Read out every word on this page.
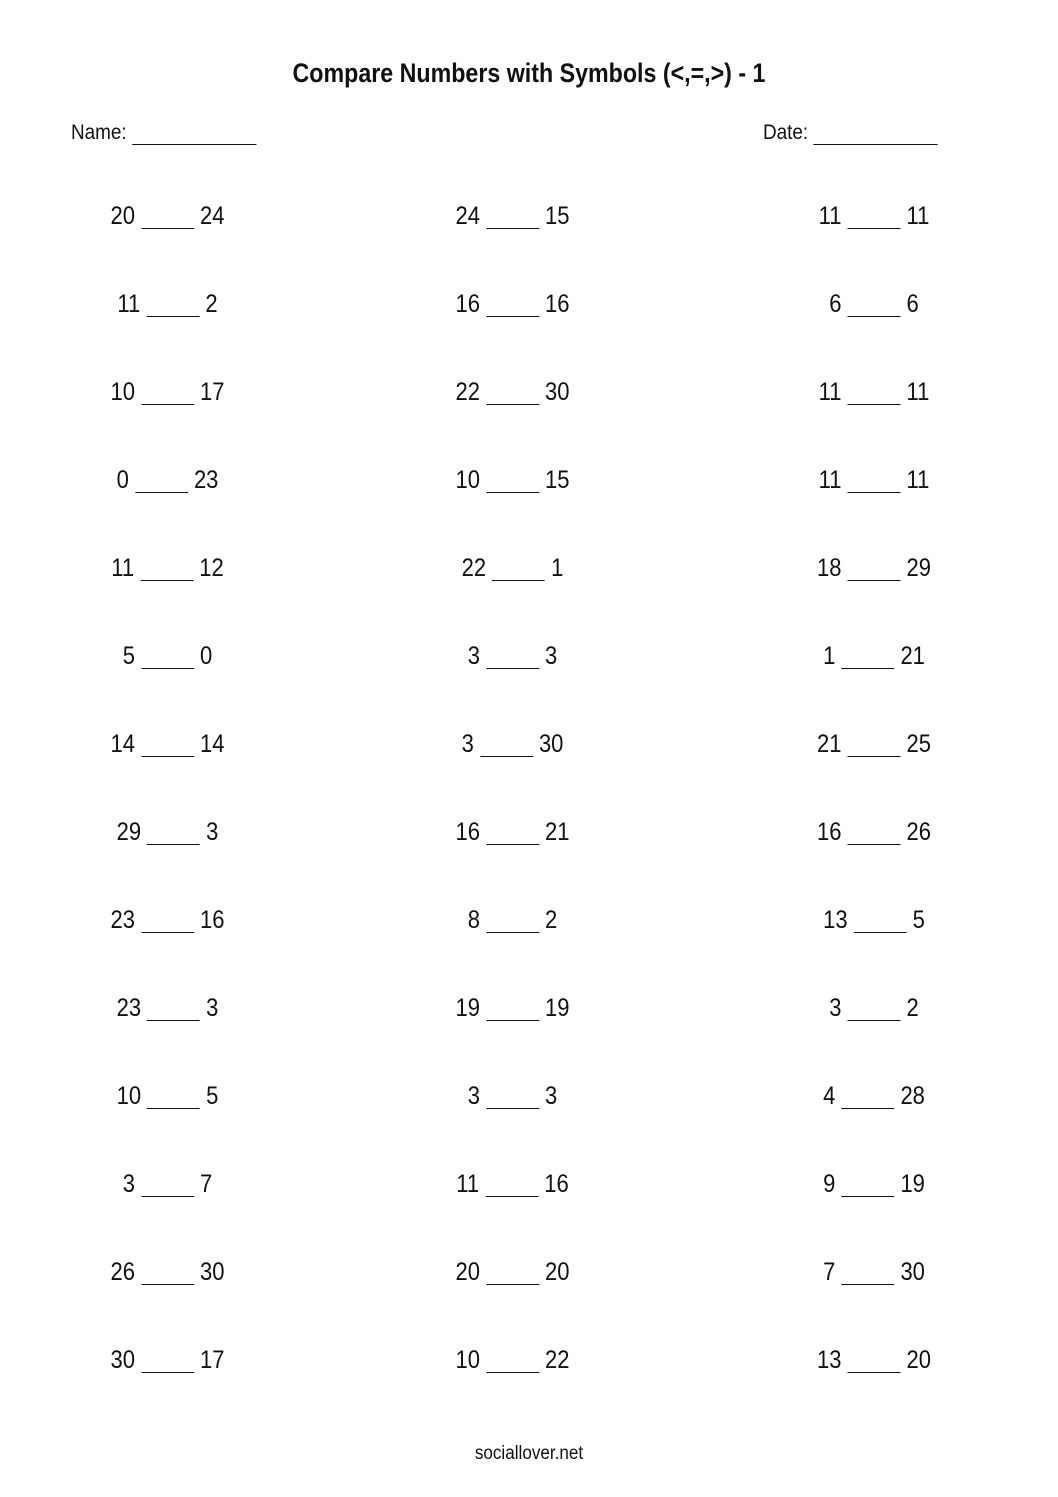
Compare Numbers with Symbols (<,=,>) - 1
Name:	Date:
20	24	24	15	11	11
11	2	16	16	6	6
10	17	22	30	11	11
0	23	10	15	11	11
11	12	22	1	18	29
5	0	3	3	1	21
14	14	3	30	21	25
29	3	16	21	16	26
23	16	8	2	13	5
23	3	19	19	3	2
10	5	3	3	4	28
3	7	11	16	9	19
26	30	20	20	7	30
30	17	10	22	13	20
sociallover.net
